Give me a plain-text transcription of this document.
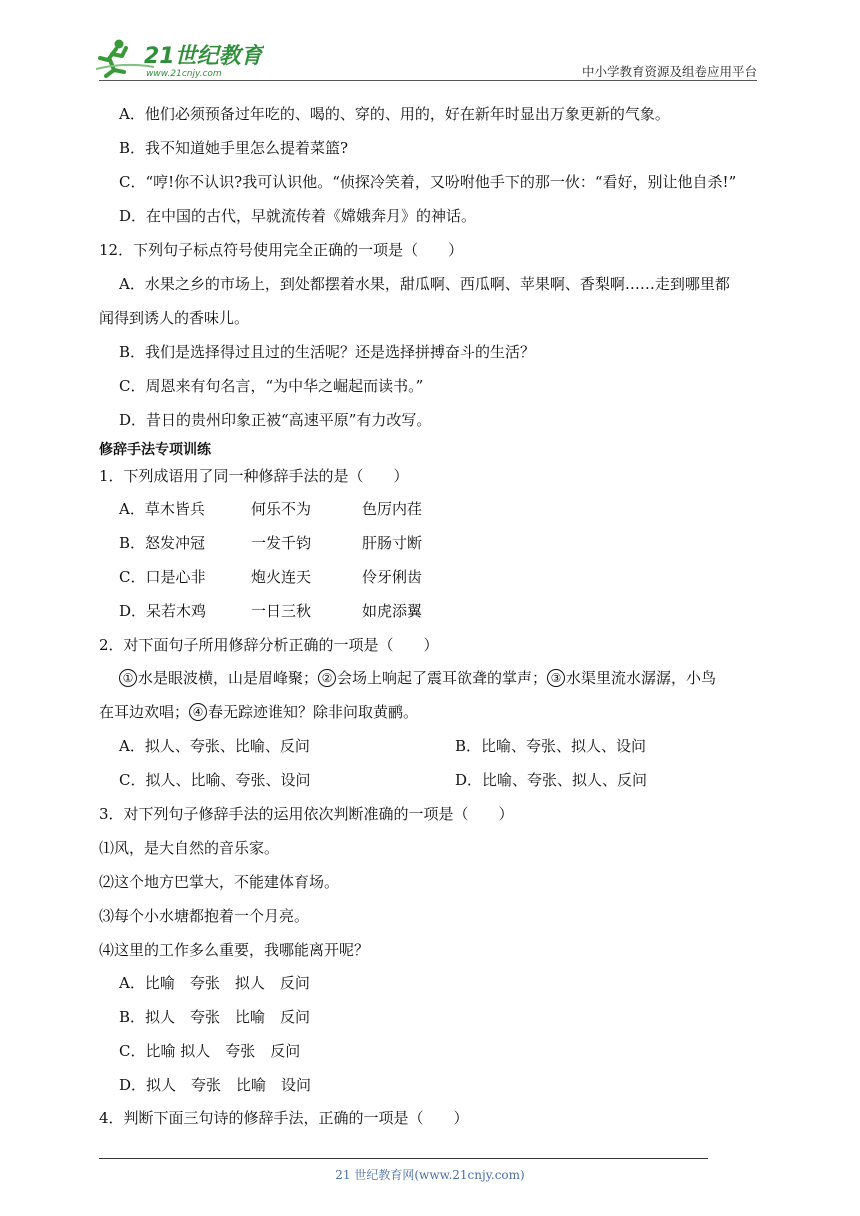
21世纪教育
www.21cnjy.com	中小学教育资源及组卷应用平台
A．他们必须预备过年吃的、喝的、穿的、用的，好在新年时显出万象更新的气象。
B．我不知道她手里怎么提着菜篮?
C．“哼!你不认识?我可认识他。“侦探冷笑着，又吩咐他手下的那一伙：“看好，别让他自杀!”
D．在中国的古代，早就流传着《嫦娥奔月》的神话。
12．下列句子标点符号使用完全正确的一项是（　　）
A．水果之乡的市场上，到处都摆着水果，甜瓜啊、西瓜啊、苹果啊、香梨啊……走到哪里都
闻得到诱人的香味儿。
B．我们是选择得过且过的生活呢？还是选择拼搏奋斗的生活？
C．周恩来有句名言，“为中华之崛起而读书。”
D．昔日的贵州印象正被“高速平原”有力改写。
修辞手法专项训练
1．下列成语用了同一种修辞手法的是（　　）
A．草木皆兵	何乐不为	色厉内荏
B．怒发冲冠	一发千钧	肝肠寸断
C．口是心非	炮火连天	伶牙俐齿
D．呆若木鸡	一日三秋	如虎添翼
2．对下面句子所用修辞分析正确的一项是（　　）
① 水是眼波横，山是眉峰聚； ② 会场上响起了震耳欲聋的掌声； ③ 水渠里流水潺潺，小鸟
在耳边欢唱； ④ 春无踪迹谁知？除非问取黄鹂。
A．拟人、夸张、比喻、反问	B．比喻、夸张、拟人、设问
C．拟人、比喻、夸张、设问	D．比喻、夸张、拟人、反问
3．对下列句子修辞手法的运用依次判断准确的一项是（　　）
⑴风，是大自然的音乐家。
⑵这个地方巴掌大，不能建体育场。
⑶每个小水塘都抱着一个月亮。
⑷这里的工作多么重要，我哪能离开呢？
A．比喻　夸张　拟人　反问
B．拟人　夸张　比喻　反问
C．比喻 拟人　夸张　反问
D．拟人　夸张　比喻　设问
4．判断下面三句诗的修辞手法，正确的一项是（　　）
21 世纪教育网(www.21cnjy.com)
